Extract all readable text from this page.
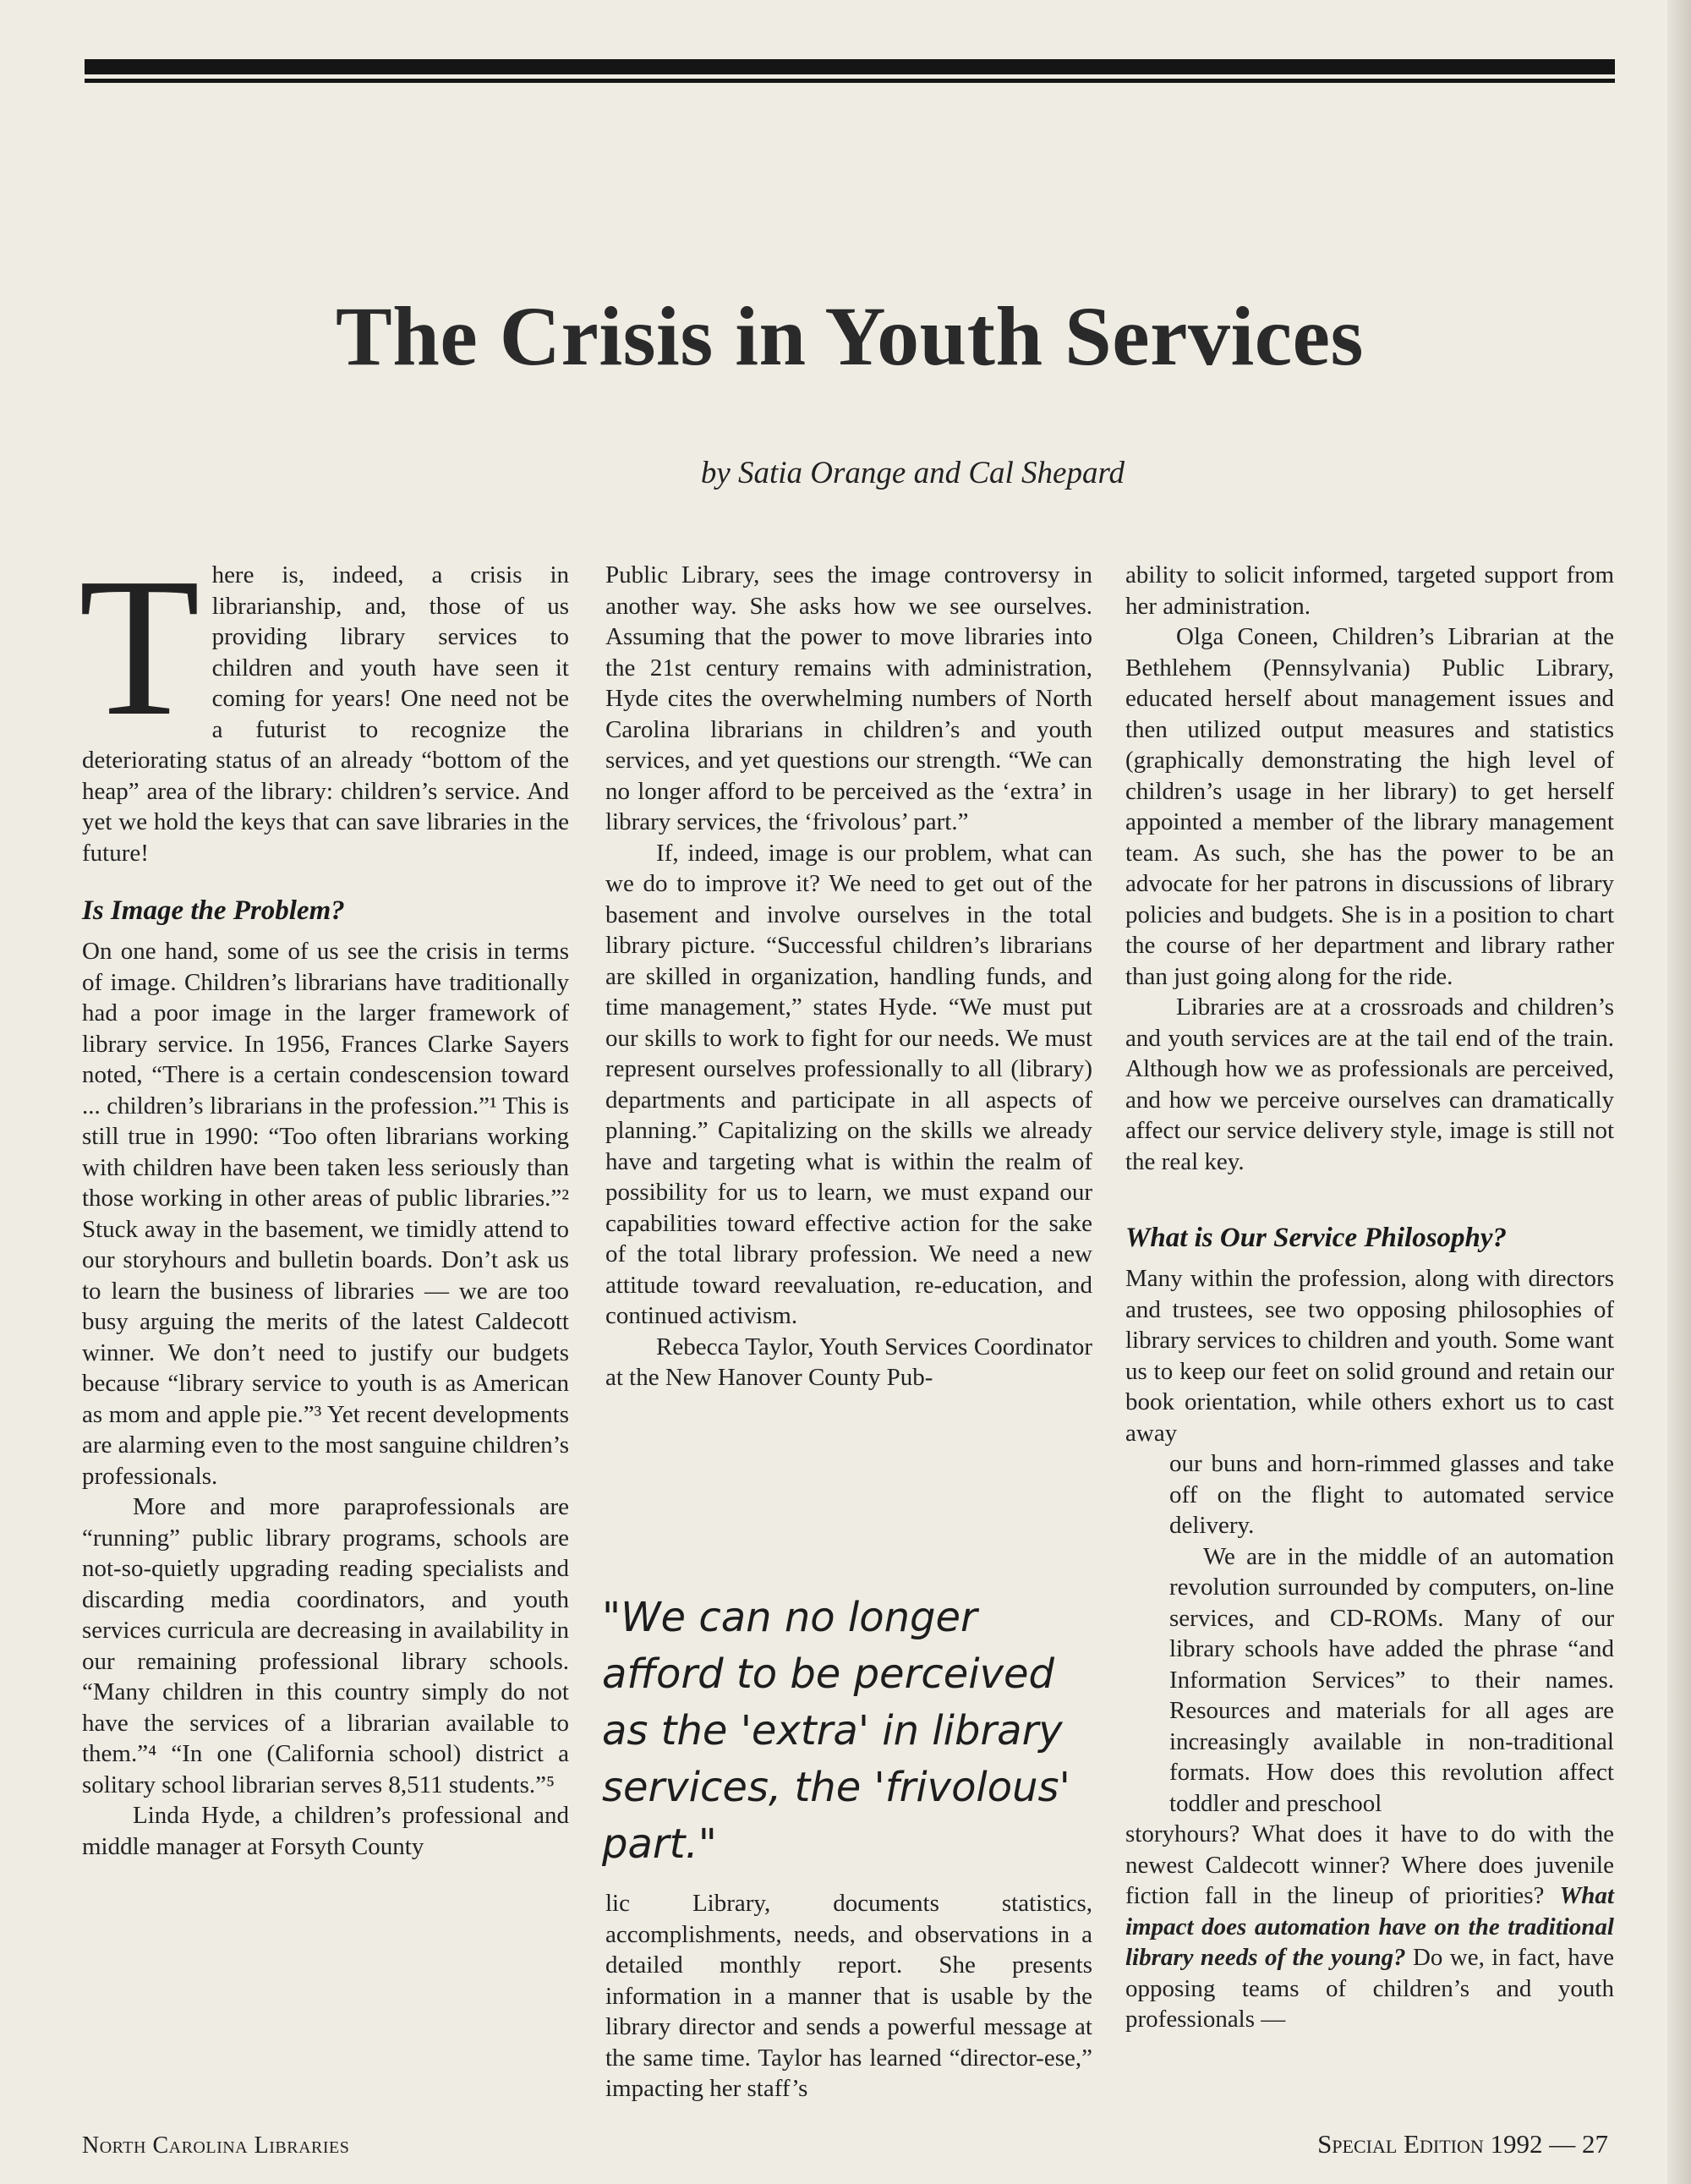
The Crisis in Youth Services
by Satia Orange and Cal Shepard

There is, indeed, a crisis in librarianship, and, those of us providing library services to children and youth have seen it coming for years! One need not be a futurist to recognize the deteriorating status of an already “bottom of the heap” area of the library: children’s service. And yet we hold the keys that can save libraries in the future!

Is Image the Problem?

On one hand, some of us see the crisis in terms of image. Children’s librarians have traditionally had a poor image in the larger framework of library service. In 1956, Frances Clarke Sayers noted, “There is a certain condescension toward ... children’s librarians in the profession.”¹ This is still true in 1990: “Too often librarians working with children have been taken less seriously than those working in other areas of public libraries.”² Stuck away in the basement, we timidly attend to our storyhours and bulletin boards. Don’t ask us to learn the business of libraries — we are too busy arguing the merits of the latest Caldecott winner. We don’t need to justify our budgets because “library service to youth is as American as mom and apple pie.”³ Yet recent developments are alarming even to the most sanguine children’s professionals.

More and more paraprofessionals are “running” public library programs, schools are not-so-quietly upgrading reading specialists and discarding media coordinators, and youth services curricula are decreasing in availability in our remaining professional library schools. “Many children in this country simply do not have the services of a librarian available to them.”⁴ “In one (California school) district a solitary school librarian serves 8,511 students.”⁵

Linda Hyde, a children’s professional and middle manager at Forsyth County

Public Library, sees the image controversy in another way. She asks how we see ourselves. Assuming that the power to move libraries into the 21st century remains with administration, Hyde cites the overwhelming numbers of North Carolina librarians in children’s and youth services, and yet questions our strength. “We can no longer afford to be perceived as the ‘extra’ in library services, the ‘frivolous’ part.”

If, indeed, image is our problem, what can we do to improve it? We need to get out of the basement and involve ourselves in the total library picture. “Successful children’s librarians are skilled in organization, handling funds, and time management,” states Hyde. “We must put our skills to work to fight for our needs. We must represent ourselves professionally to all (library) departments and participate in all aspects of planning.” Capitalizing on the skills we already have and targeting what is within the realm of possibility for us to learn, we must expand our capabilities toward effective action for the sake of the total library profession. We need a new attitude toward reevaluation, re-education, and continued activism.

Rebecca Taylor, Youth Services Coordinator at the New Hanover County Pub-

"We can no longer afford to be perceived as the 'extra' in library services, the 'frivolous' part."

lic Library, documents statistics, accomplishments, needs, and observations in a detailed monthly report. She presents information in a manner that is usable by the library director and sends a powerful message at the same time. Taylor has learned “director-ese,” impacting her staff’s

ability to solicit informed, targeted support from her administration.

Olga Coneen, Children’s Librarian at the Bethlehem (Pennsylvania) Public Library, educated herself about management issues and then utilized output measures and statistics (graphically demonstrating the high level of children’s usage in her library) to get herself appointed a member of the library management team. As such, she has the power to be an advocate for her patrons in discussions of library policies and budgets. She is in a position to chart the course of her department and library rather than just going along for the ride.

Libraries are at a crossroads and children’s and youth services are at the tail end of the train. Although how we as professionals are perceived, and how we perceive ourselves can dramatically affect our service delivery style, image is still not the real key.

What is Our Service Philosophy?

Many within the profession, along with directors and trustees, see two opposing philosophies of library services to children and youth. Some want us to keep our feet on solid ground and retain our book orientation, while others exhort us to cast away

our buns and horn-rimmed glasses and take off on the flight to automated service delivery.

We are in the middle of an automation revolution surrounded by computers, on-line services, and CD-ROMs. Many of our library schools have added the phrase “and Information Services” to their names. Resources and materials for all ages are increasingly available in non-traditional formats. How does this revolution affect toddler and preschool

storyhours? What does it have to do with the newest Caldecott winner? Where does juvenile fiction fall in the lineup of priorities? What impact does automation have on the traditional library needs of the young? Do we, in fact, have opposing teams of children’s and youth professionals —

North Carolina Libraries	Special Edition 1992 — 27
